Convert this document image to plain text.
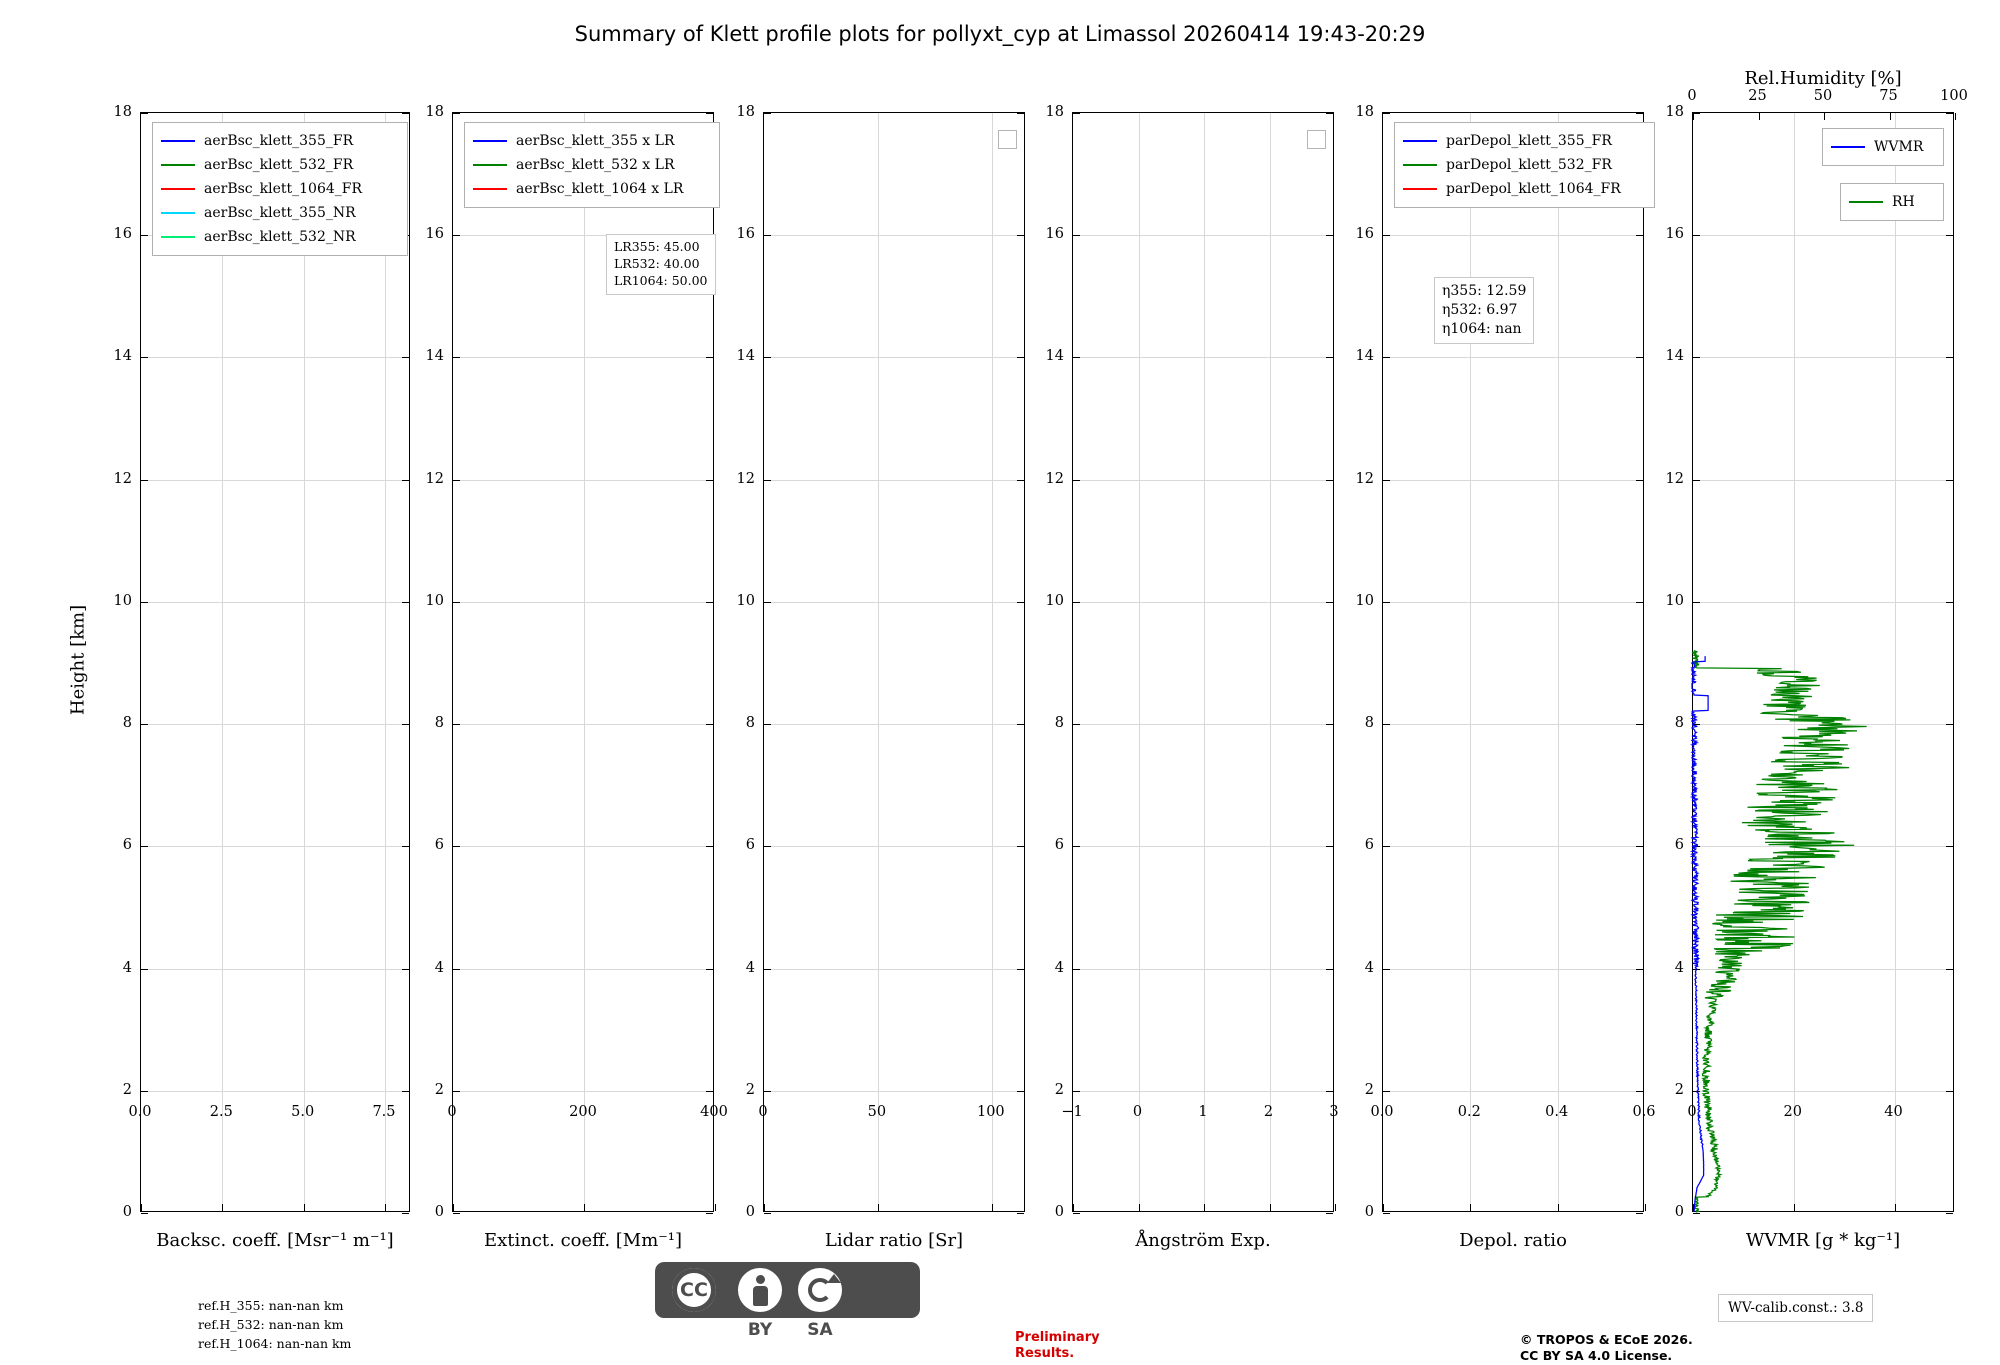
Summary of Klett profile plots for pollyxt_cyp at Limassol 20260414 19:43-20:29
Height [km]
Backsc. coeff. [Msr⁻¹ m⁻¹]
aerBsc_klett_355_FR
aerBsc_klett_532_FR
aerBsc_klett_1064_FR
aerBsc_klett_355_NR
aerBsc_klett_532_NR
Extinct. coeff. [Mm⁻¹]
aerBsc_klett_355 x LR
aerBsc_klett_532 x LR
aerBsc_klett_1064 x LR
LR355: 45.00
LR532: 40.00
LR1064: 50.00
Lidar ratio [Sr]	Ångström Exp.	Depol. ratio
parDepol_klett_355_FR
parDepol_klett_532_FR
parDepol_klett_1064_FR
η355: 12.59
η532: 6.97
η1064: nan
WVMR [g * kg⁻¹]
Rel.Humidity [%]
WVMR
RH
ref.H_355: nan-nan km
ref.H_532: nan-nan km
ref.H_1064: nan-nan km
CC
BY	SA	Preliminary
Results.
© TROPOS & ECoE 2026.
CC BY SA 4.0 License.
WV-calib.const.: 3.8
0
2
4
6
8
10
12
14
16
18
0.0	2.5	5.0	7.5
0
2
4
6
8
10
12
14
16
18
0	200	400
0
2
4
6
8
10
12
14
16
18
0	50	100
0
2
4
6
8
10
12
14
16
18
−1	0	1	2	3
0
2
4
6
8
10
12
14
16
18
0.0	0.2	0.4	0.6
0
2
4
6
8
10
12
14
16
18
0	20	40
0	25	50	75	100
